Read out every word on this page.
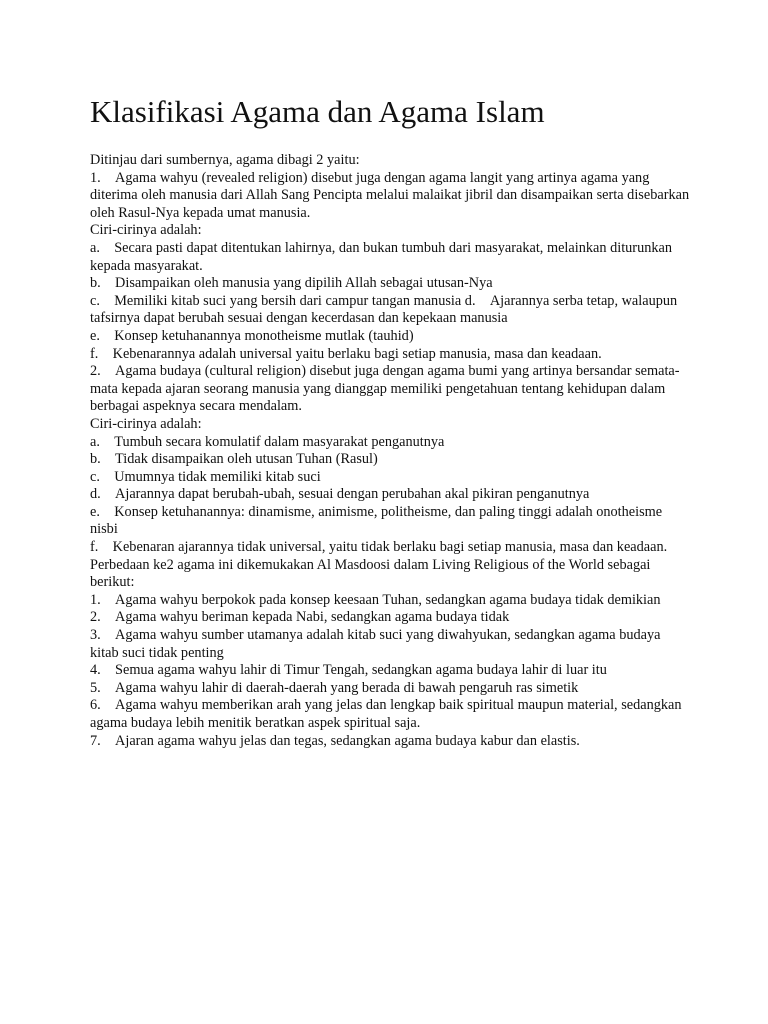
Klasifikasi Agama dan Agama Islam

Ditinjau dari sumbernya, agama dibagi 2 yaitu:

1.    Agama wahyu (revealed religion) disebut juga dengan agama langit yang artinya agama yang diterima oleh manusia dari Allah Sang Pencipta melalui malaikat jibril dan disampaikan serta disebarkan oleh Rasul-Nya kepada umat manusia.

Ciri-cirinya adalah:

a.    Secara pasti dapat ditentukan lahirnya, dan bukan tumbuh dari masyarakat, melainkan diturunkan kepada masyarakat.

b.    Disampaikan oleh manusia yang dipilih Allah sebagai utusan-Nya

c.    Memiliki kitab suci yang bersih dari campur tangan manusia d.    Ajarannya serba tetap, walaupun tafsirnya dapat berubah sesuai dengan kecerdasan dan kepekaan manusia

e.    Konsep ketuhanannya monotheisme mutlak (tauhid)

f.    Kebenarannya adalah universal yaitu berlaku bagi setiap manusia, masa dan keadaan.

2.    Agama budaya (cultural religion) disebut juga dengan agama bumi yang artinya bersandar semata-mata kepada ajaran seorang manusia yang dianggap memiliki pengetahuan tentang kehidupan dalam berbagai aspeknya secara mendalam.

Ciri-cirinya adalah:

a.    Tumbuh secara komulatif dalam masyarakat penganutnya

b.    Tidak disampaikan oleh utusan Tuhan (Rasul)

c.    Umumnya tidak memiliki kitab suci

d.    Ajarannya dapat berubah-ubah, sesuai dengan perubahan akal pikiran penganutnya

e.    Konsep ketuhanannya: dinamisme, animisme, politheisme, dan paling tinggi adalah onotheisme nisbi

f.    Kebenaran ajarannya tidak universal, yaitu tidak berlaku bagi setiap manusia, masa dan keadaan.

Perbedaan ke2 agama ini dikemukakan Al Masdoosi dalam Living Religious of the World sebagai berikut:

1.    Agama wahyu berpokok pada konsep keesaan Tuhan, sedangkan agama budaya tidak demikian

2.    Agama wahyu beriman kepada Nabi, sedangkan agama budaya tidak

3.    Agama wahyu sumber utamanya adalah kitab suci yang diwahyukan, sedangkan agama budaya kitab suci tidak penting

4.    Semua agama wahyu lahir di Timur Tengah, sedangkan agama budaya lahir di luar itu

5.    Agama wahyu lahir di daerah-daerah yang berada di bawah pengaruh ras simetik

6.    Agama wahyu memberikan arah yang jelas dan lengkap baik spiritual maupun material, sedangkan agama budaya lebih menitik beratkan aspek spiritual saja.

7.    Ajaran agama wahyu jelas dan tegas, sedangkan agama budaya kabur dan elastis.
